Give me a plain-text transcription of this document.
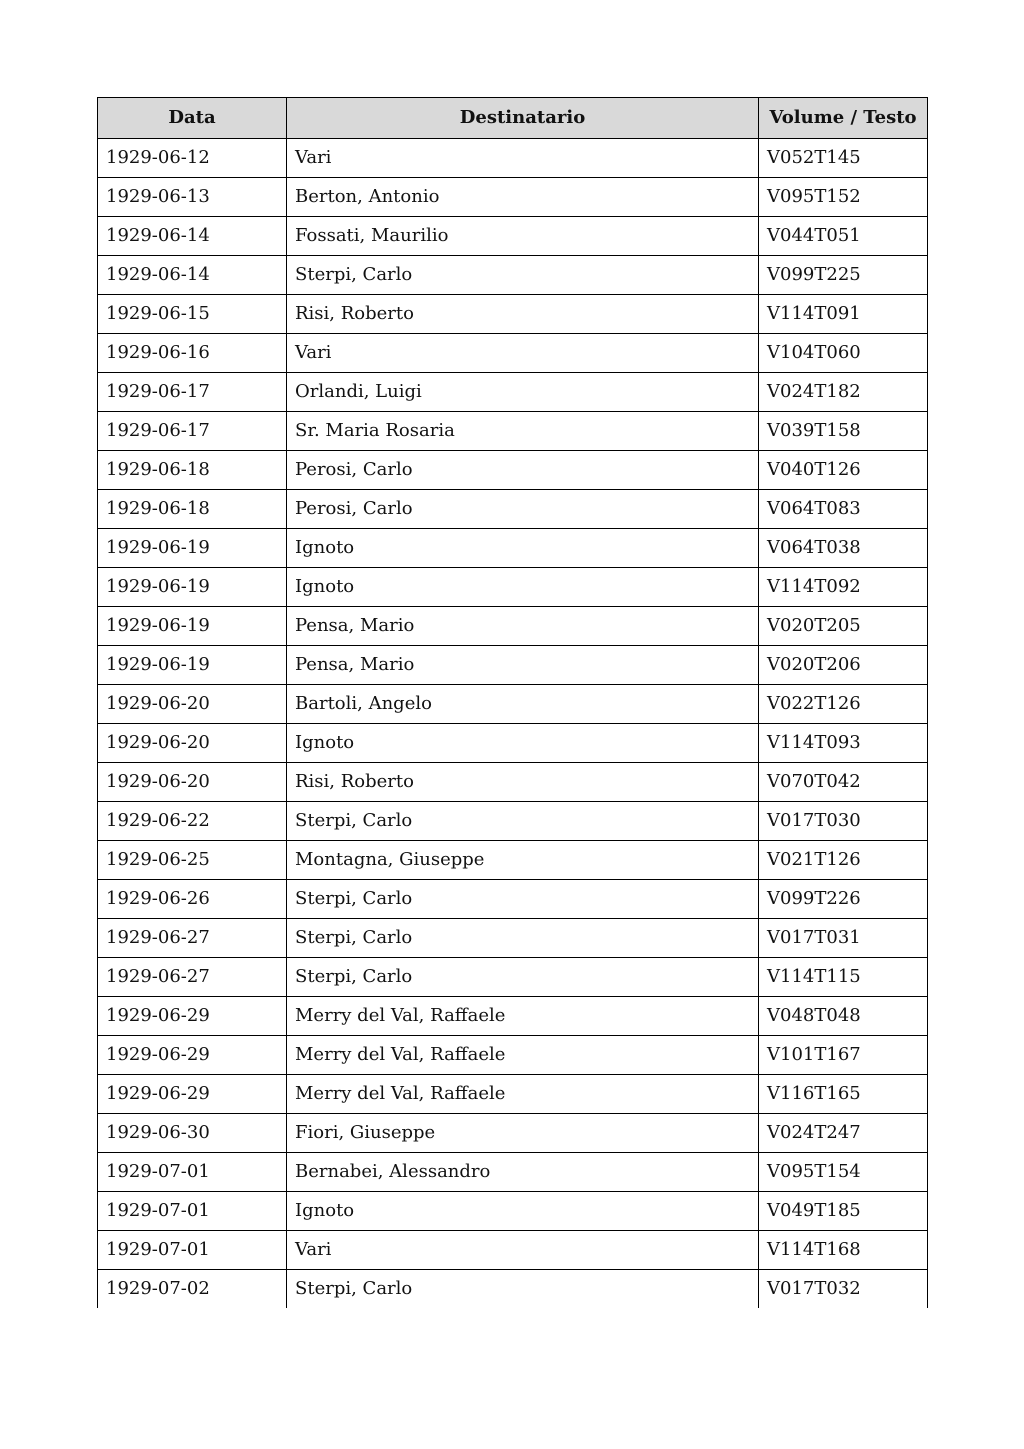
Data	Destinatario	Volume / Testo
1929-06-12	Vari	V052T145
1929-06-13	Berton, Antonio	V095T152
1929-06-14	Fossati, Maurilio	V044T051
1929-06-14	Sterpi, Carlo	V099T225
1929-06-15	Risi, Roberto	V114T091
1929-06-16	Vari	V104T060
1929-06-17	Orlandi, Luigi	V024T182
1929-06-17	Sr. Maria Rosaria	V039T158
1929-06-18	Perosi, Carlo	V040T126
1929-06-18	Perosi, Carlo	V064T083
1929-06-19	Ignoto	V064T038
1929-06-19	Ignoto	V114T092
1929-06-19	Pensa, Mario	V020T205
1929-06-19	Pensa, Mario	V020T206
1929-06-20	Bartoli, Angelo	V022T126
1929-06-20	Ignoto	V114T093
1929-06-20	Risi, Roberto	V070T042
1929-06-22	Sterpi, Carlo	V017T030
1929-06-25	Montagna, Giuseppe	V021T126
1929-06-26	Sterpi, Carlo	V099T226
1929-06-27	Sterpi, Carlo	V017T031
1929-06-27	Sterpi, Carlo	V114T115
1929-06-29	Merry del Val, Raffaele	V048T048
1929-06-29	Merry del Val, Raffaele	V101T167
1929-06-29	Merry del Val, Raffaele	V116T165
1929-06-30	Fiori, Giuseppe	V024T247
1929-07-01	Bernabei, Alessandro	V095T154
1929-07-01	Ignoto	V049T185
1929-07-01	Vari	V114T168
1929-07-02	Sterpi, Carlo	V017T032
